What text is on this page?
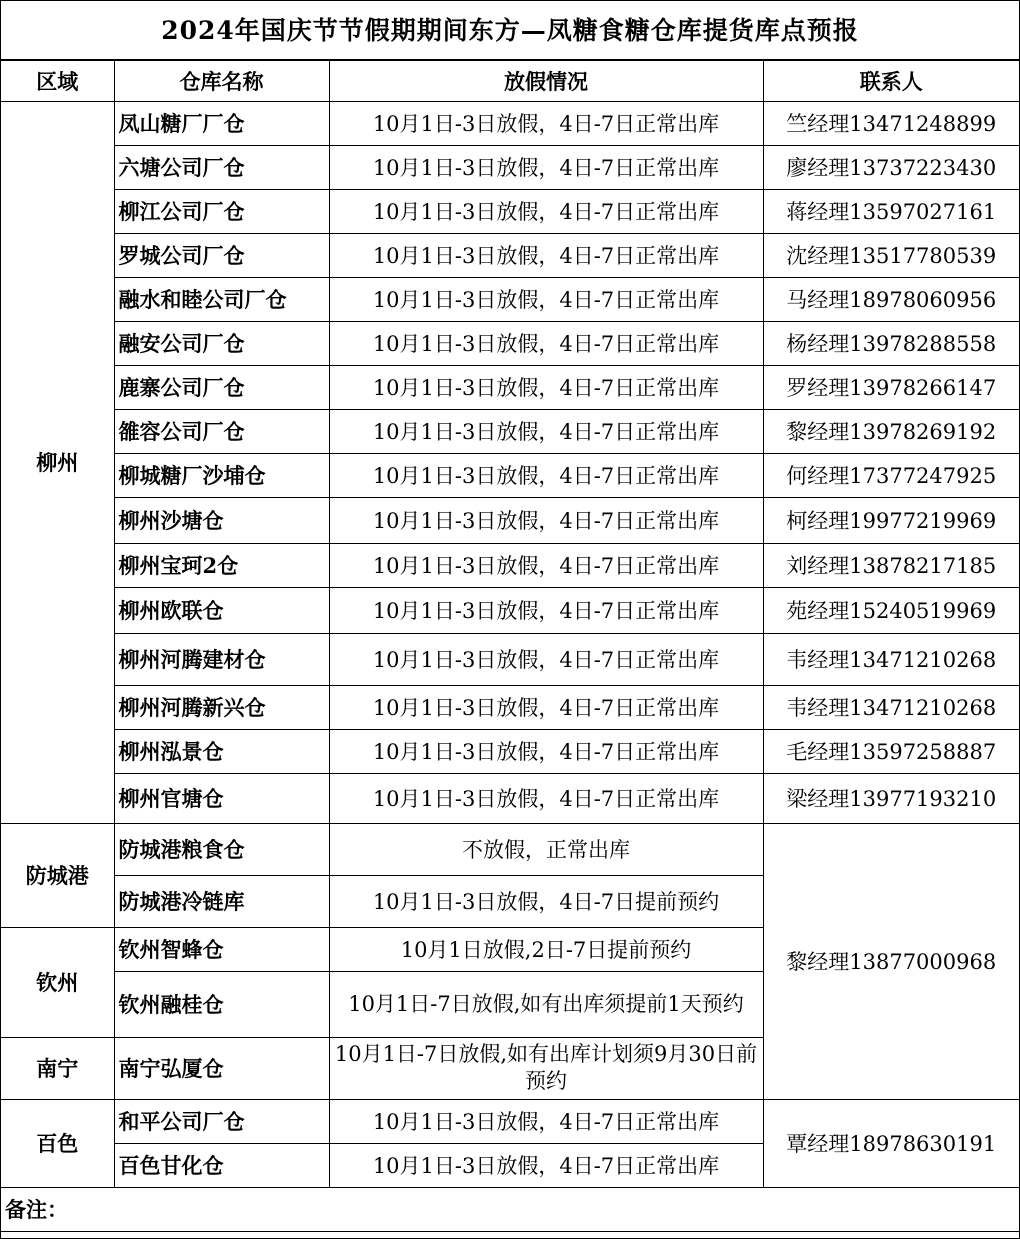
2024年国庆节节假期期间东方—凤糖食糖仓库提货库点预报
区域	仓库名称	放假情况	联系人
柳州	凤山糖厂厂仓	10月1日-3日放假，4日-7日正常出库	竺经理13471248899
	六塘公司厂仓	10月1日-3日放假，4日-7日正常出库	廖经理13737223430
	柳江公司厂仓	10月1日-3日放假，4日-7日正常出库	蒋经理13597027161
	罗城公司厂仓	10月1日-3日放假，4日-7日正常出库	沈经理13517780539
	融水和睦公司厂仓	10月1日-3日放假，4日-7日正常出库	马经理18978060956
	融安公司厂仓	10月1日-3日放假，4日-7日正常出库	杨经理13978288558
	鹿寨公司厂仓	10月1日-3日放假，4日-7日正常出库	罗经理13978266147
	雒容公司厂仓	10月1日-3日放假，4日-7日正常出库	黎经理13978269192
	柳城糖厂沙埔仓	10月1日-3日放假，4日-7日正常出库	何经理17377247925
	柳州沙塘仓	10月1日-3日放假，4日-7日正常出库	柯经理19977219969
	柳州宝珂2仓	10月1日-3日放假，4日-7日正常出库	刘经理13878217185
	柳州欧联仓	10月1日-3日放假，4日-7日正常出库	苑经理15240519969
	柳州河腾建材仓	10月1日-3日放假，4日-7日正常出库	韦经理13471210268
	柳州河腾新兴仓	10月1日-3日放假，4日-7日正常出库	韦经理13471210268
	柳州泓景仓	10月1日-3日放假，4日-7日正常出库	毛经理13597258887
	柳州官塘仓	10月1日-3日放假，4日-7日正常出库	梁经理13977193210
防城港	防城港粮食仓	不放假，正常出库	黎经理13877000968
	防城港冷链库	10月1日-3日放假，4日-7日提前预约	
钦州	钦州智蜂仓	10月1日放假,2日-7日提前预约	
	钦州融桂仓	10月1日-7日放假,如有出库须提前1天预约	
南宁	南宁弘厦仓	10月1日-7日放假,如有出库计划须9月30日前预约	
百色	和平公司厂仓	10月1日-3日放假，4日-7日正常出库	覃经理18978630191
	百色甘化仓	10月1日-3日放假，4日-7日正常出库	
备注：			
